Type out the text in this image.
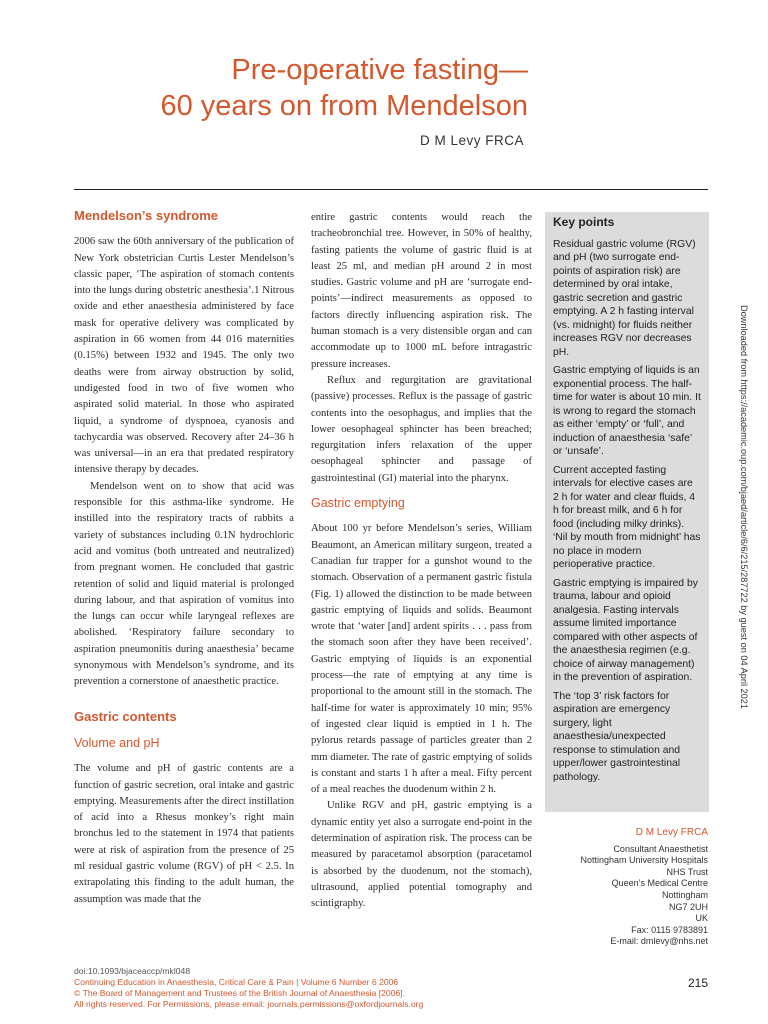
Pre-operative fasting—
60 years on from Mendelson
D M Levy FRCA
Mendelson’s syndrome

2006 saw the 60th anniversary of the publication of New York obstetrician Curtis Lester Mendelson’s classic paper, ‘The aspiration of stomach contents into the lungs during obstetric anesthesia’.1 Nitrous oxide and ether anaesthesia administered by face mask for operative delivery was complicated by aspiration in 66 women from 44 016 maternities (0.15%) between 1932 and 1945. The only two deaths were from airway obstruction by solid, undigested food in two of five women who aspirated solid material. In those who aspirated liquid, a syndrome of dyspnoea, cyanosis and tachycardia was observed. Recovery after 24–36 h was universal—in an era that predated respiratory intensive therapy by decades.

Mendelson went on to show that acid was responsible for this asthma-like syndrome. He instilled into the respiratory tracts of rabbits a variety of substances including 0.1N hydrochloric acid and vomitus (both untreated and neutralized) from pregnant women. He concluded that gastric retention of solid and liquid material is prolonged during labour, and that aspiration of vomitus into the lungs can occur while laryngeal reflexes are abolished. ‘Respiratory failure secondary to aspiration pneumonitis during anaesthesia’ became synonymous with Mendelson’s syndrome, and its prevention a cornerstone of anaesthetic practice.

Gastric contents
Volume and pH

The volume and pH of gastric contents are a function of gastric secretion, oral intake and gastric emptying. Measurements after the direct instillation of acid into a Rhesus monkey’s right main bronchus led to the statement in 1974 that patients were at risk of aspiration from the presence of 25 ml residual gastric volume (RGV) of pH < 2.5. In extrapolating this finding to the adult human, the assumption was made that the

entire gastric contents would reach the tracheobronchial tree. However, in 50% of healthy, fasting patients the volume of gastric fluid is at least 25 ml, and median pH around 2 in most studies. Gastric volume and pH are ‘surrogate end-points’—indirect measurements as opposed to factors directly influencing aspiration risk. The human stomach is a very distensible organ and can accommodate up to 1000 mL before intragastric pressure increases.

Reflux and regurgitation are gravitational (passive) processes. Reflux is the passage of gastric contents into the oesophagus, and implies that the lower oesophageal sphincter has been breached; regurgitation infers relaxation of the upper oesophageal sphincter and passage of gastrointestinal (GI) material into the pharynx.

Gastric emptying

About 100 yr before Mendelson’s series, William Beaumont, an American military surgeon, treated a Canadian fur trapper for a gunshot wound to the stomach. Observation of a permanent gastric fistula (Fig. 1) allowed the distinction to be made between gastric emptying of liquids and solids. Beaumont wrote that ‘water [and] ardent spirits . . . pass from the stomach soon after they have been received’. Gastric emptying of liquids is an exponential process—the rate of emptying at any time is proportional to the amount still in the stomach. The half-time for water is approximately 10 min; 95% of ingested clear liquid is emptied in 1 h. The pylorus retards passage of particles greater than 2 mm diameter. The rate of gastric emptying of solids is constant and starts 1 h after a meal. Fifty percent of a meal reaches the duodenum within 2 h.

Unlike RGV and pH, gastric emptying is a dynamic entity yet also a surrogate end-point in the determination of aspiration risk. The process can be measured by paracetamol absorption (paracetamol is absorbed by the duodenum, not the stomach), ultrasound, applied potential tomography and scintigraphy.

Key points

Residual gastric volume (RGV) and pH (two surrogate end-points of aspiration risk) are determined by oral intake, gastric secretion and gastric emptying. A 2 h fasting interval (vs. midnight) for fluids neither increases RGV nor decreases pH.

Gastric emptying of liquids is an exponential process. The half-time for water is about 10 min. It is wrong to regard the stomach as either ‘empty’ or ‘full’, and induction of anaesthesia ‘safe’ or ‘unsafe’.

Current accepted fasting intervals for elective cases are 2 h for water and clear fluids, 4 h for breast milk, and 6 h for food (including milky drinks). ‘Nil by mouth from midnight’ has no place in modern perioperative practice.

Gastric emptying is impaired by trauma, labour and opioid analgesia. Fasting intervals assume limited importance compared with other aspects of the anaesthesia regimen (e.g. choice of airway management) in the prevention of aspiration.

The ‘top 3’ risk factors for aspiration are emergency surgery, light anaesthesia/unexpected response to stimulation and upper/lower gastrointestinal pathology.

D M Levy FRCA
Consultant Anaesthetist
Nottingham University Hospitals
NHS Trust
Queen’s Medical Centre
Nottingham
NG7 2UH
UK
Fax: 0115 9783891
E-mail: dmlevy@nhs.net
Downloaded from https://academic.oup.com/bjaed/article/6/6/215/287722 by guest on 04 April 2021
doi:10.1093/bjaceaccp/mkl048
Continuing Education in Anaesthesia, Critical Care & Pain | Volume 6 Number 6 2006
© The Board of Management and Trustees of the British Journal of Anaesthesia [2006].
All rights reserved. For Permissions, please email: journals.permissions@oxfordjournals.org
215
